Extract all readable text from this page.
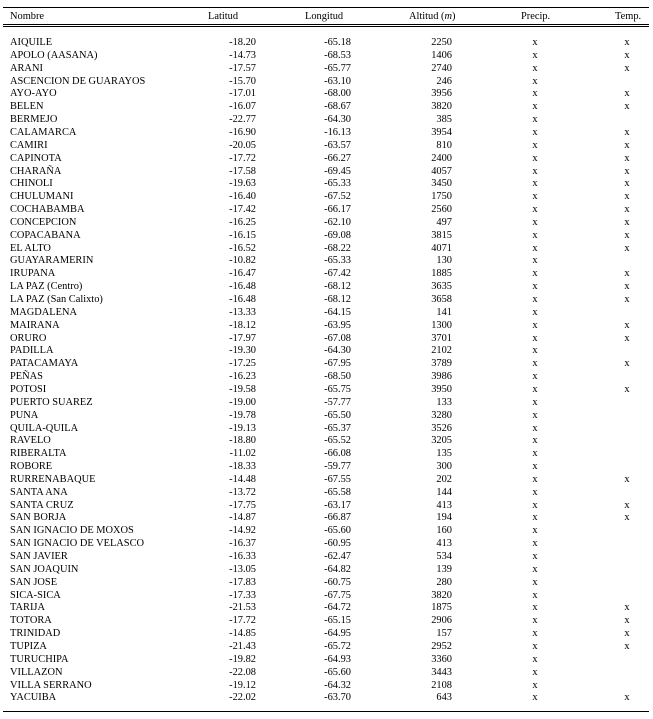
Nombre	Latitud	Longitud	Altitud (m)	Precip.	Temp.
AIQUILE	-18.20	-65.18	2250	x	x
APOLO (AASANA)	-14.73	-68.53	1406	x	x
ARANI	-17.57	-65.77	2740	x	x
ASCENCION DE GUARAYOS	-15.70	-63.10	246	x
AYO-AYO	-17.01	-68.00	3956	x	x
BELEN	-16.07	-68.67	3820	x	x
BERMEJO	-22.77	-64.30	385	x
CALAMARCA	-16.90	-16.13	3954	x	x
CAMIRI	-20.05	-63.57	810	x	x
CAPINOTA	-17.72	-66.27	2400	x	x
CHARAÑA	-17.58	-69.45	4057	x	x
CHINOLI	-19.63	-65.33	3450	x	x
CHULUMANI	-16.40	-67.52	1750	x	x
COCHABAMBA	-17.42	-66.17	2560	x	x
CONCEPCION	-16.25	-62.10	497	x	x
COPACABANA	-16.15	-69.08	3815	x	x
EL ALTO	-16.52	-68.22	4071	x	x
GUAYARAMERIN	-10.82	-65.33	130	x
IRUPANA	-16.47	-67.42	1885	x	x
LA PAZ (Centro)	-16.48	-68.12	3635	x	x
LA PAZ (San Calixto)	-16.48	-68.12	3658	x	x
MAGDALENA	-13.33	-64.15	141	x
MAIRANA	-18.12	-63.95	1300	x	x
ORURO	-17.97	-67.08	3701	x	x
PADILLA	-19.30	-64.30	2102	x
PATACAMAYA	-17.25	-67.95	3789	x	x
PEÑAS	-16.23	-68.50	3986	x
POTOSI	-19.58	-65.75	3950	x	x
PUERTO SUAREZ	-19.00	-57.77	133	x
PUNA	-19.78	-65.50	3280	x
QUILA-QUILA	-19.13	-65.37	3526	x
RAVELO	-18.80	-65.52	3205	x
RIBERALTA	-11.02	-66.08	135	x
ROBORE	-18.33	-59.77	300	x
RURRENABAQUE	-14.48	-67.55	202	x	x
SANTA ANA	-13.72	-65.58	144	x
SANTA CRUZ	-17.75	-63.17	413	x	x
SAN BORJA	-14.87	-66.87	194	x	x
SAN IGNACIO DE MOXOS	-14.92	-65.60	160	x
SAN IGNACIO DE VELASCO	-16.37	-60.95	413	x
SAN JAVIER	-16.33	-62.47	534	x
SAN JOAQUIN	-13.05	-64.82	139	x
SAN JOSE	-17.83	-60.75	280	x
SICA-SICA	-17.33	-67.75	3820	x
TARIJA	-21.53	-64.72	1875	x	x
TOTORA	-17.72	-65.15	2906	x	x
TRINIDAD	-14.85	-64.95	157	x	x
TUPIZA	-21.43	-65.72	2952	x	x
TURUCHIPA	-19.82	-64.93	3360	x
VILLAZON	-22.08	-65.60	3443	x
VILLA SERRANO	-19.12	-64.32	2108	x
YACUIBA	-22.02	-63.70	643	x	x
